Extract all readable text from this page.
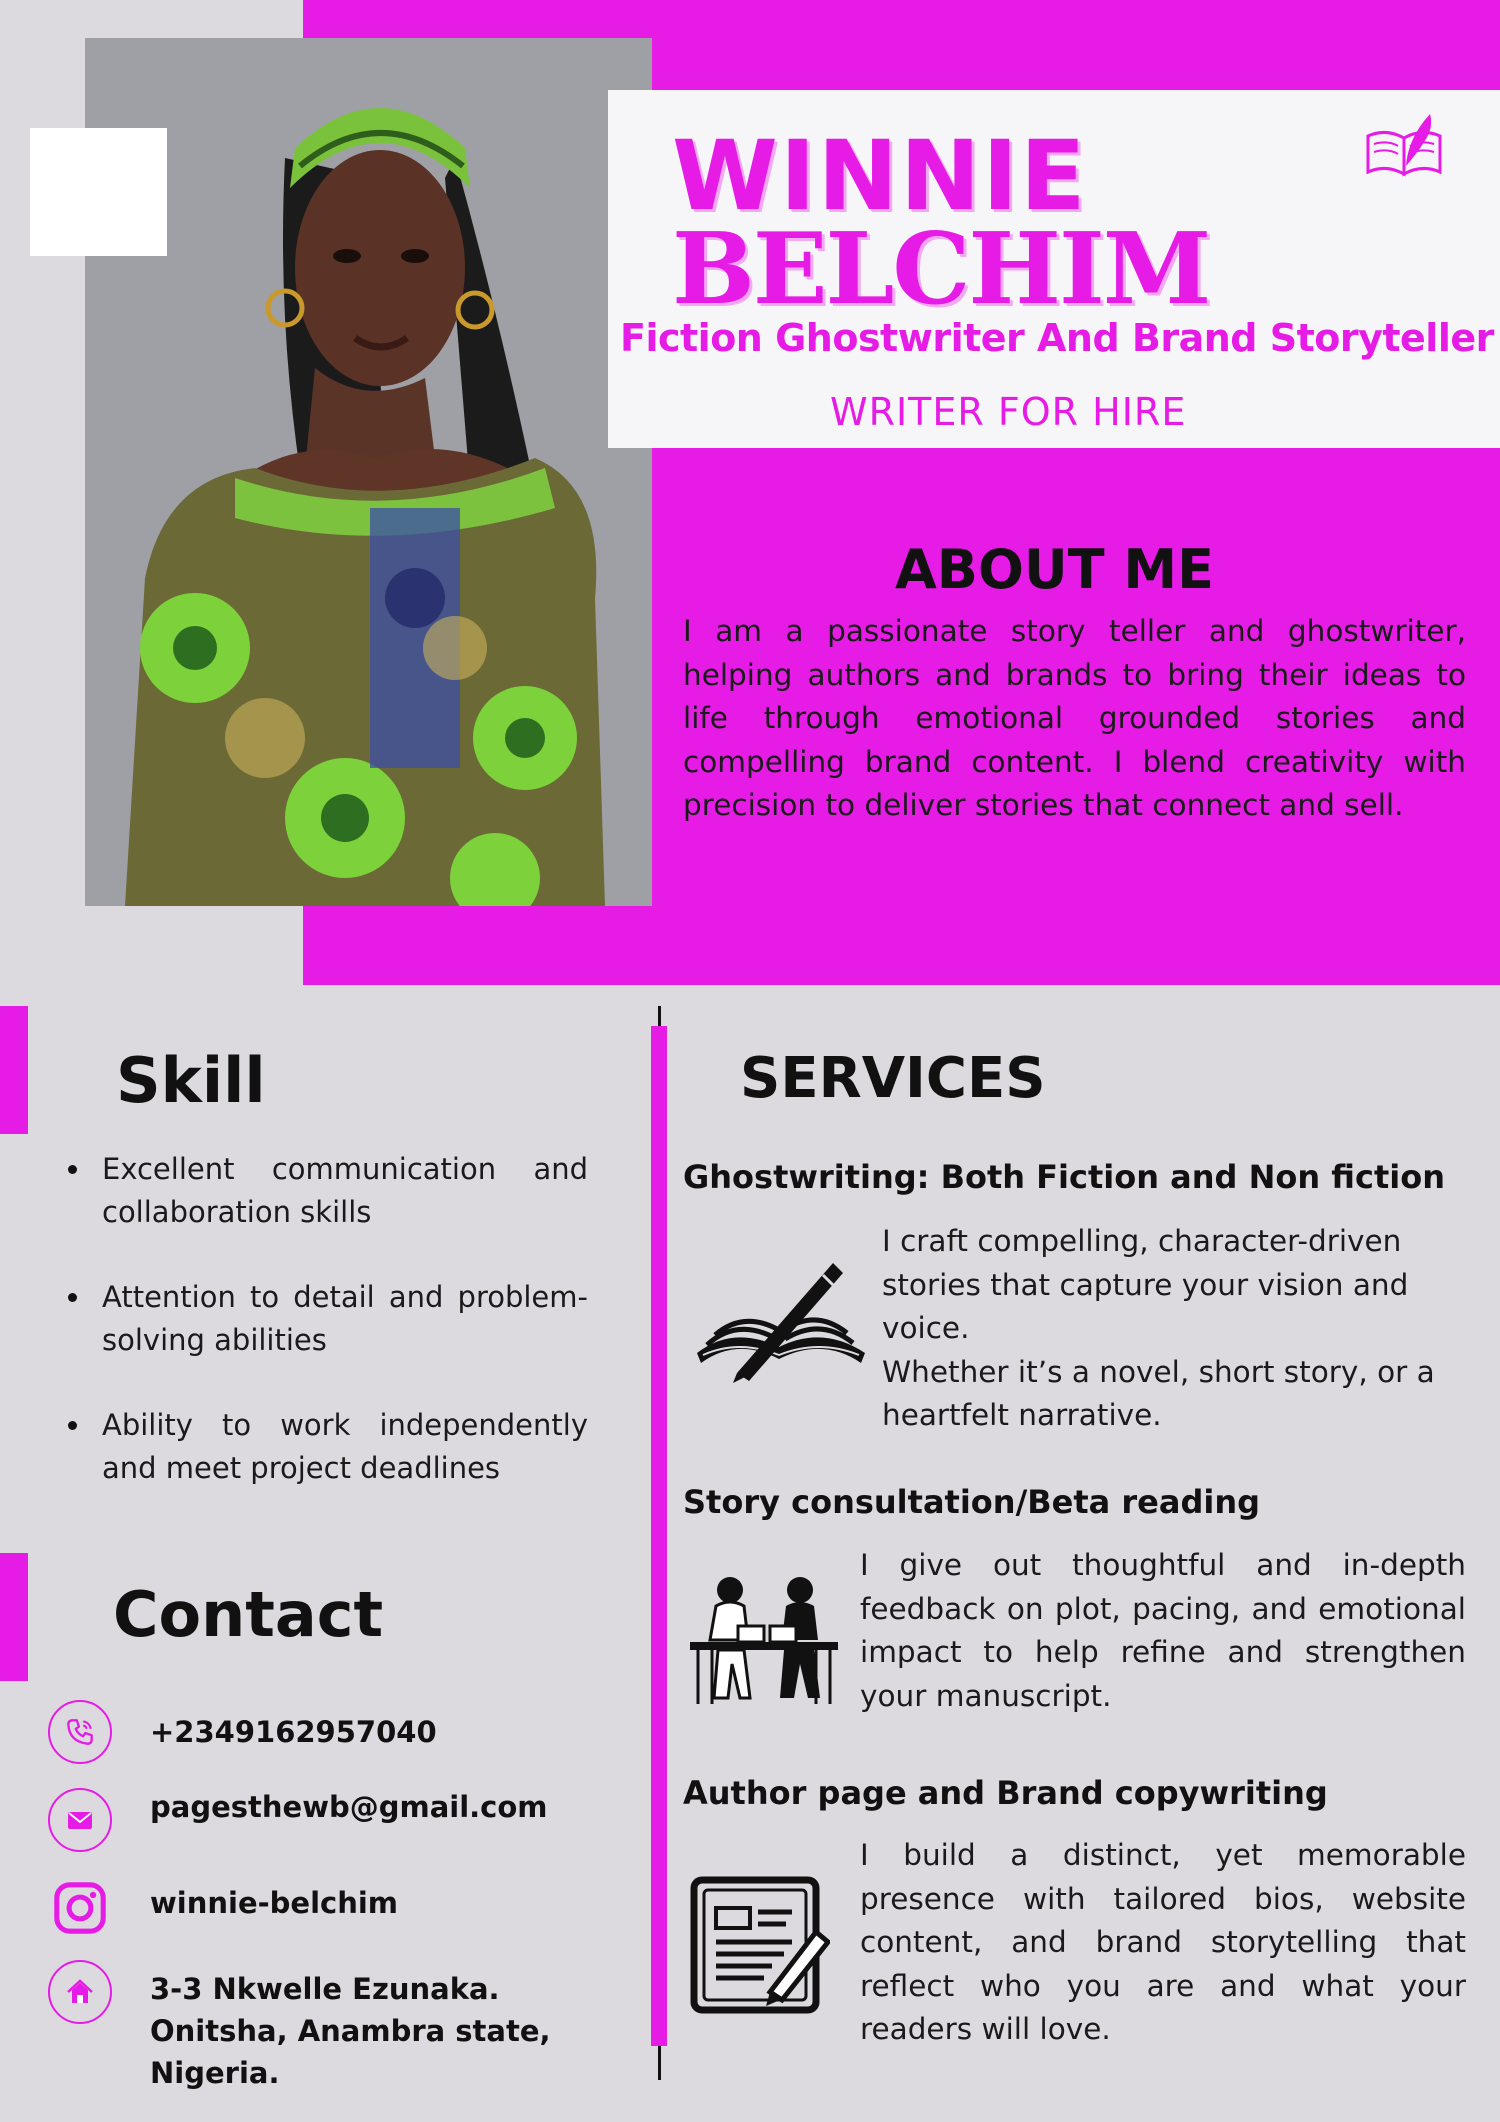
WINNIE
BELCHIM
Fiction Ghostwriter And Brand Storyteller
WRITER FOR HIRE
ABOUT ME
I am a passionate story teller and ghostwriter, helping authors and brands to bring their ideas to life through emotional grounded stories and compelling brand content. I blend creativity with precision to deliver stories that connect and sell.
Skill
Excellent communication and collaboration skills
Attention to detail and problem-solving abilities
Ability to work independently and meet project deadlines
Contact
+2349162957040
pagesthewb@gmail.com
winnie-belchim
3-3 Nkwelle Ezunaka.
Onitsha, Anambra state,
Nigeria.
SERVICES
Ghostwriting: Both Fiction and Non fiction
I craft compelling, character-driven stories that capture your vision and voice.
Whether it’s a novel, short story, or a heartfelt narrative.
Story consultation/Beta reading
I give out thoughtful and in-depth feedback on plot, pacing, and emotional impact to help refine and strengthen your manuscript.
Author page and Brand copywriting
I build a distinct, yet memorable presence with tailored bios, website content, and brand storytelling that reflect who you are and what your readers will love.
